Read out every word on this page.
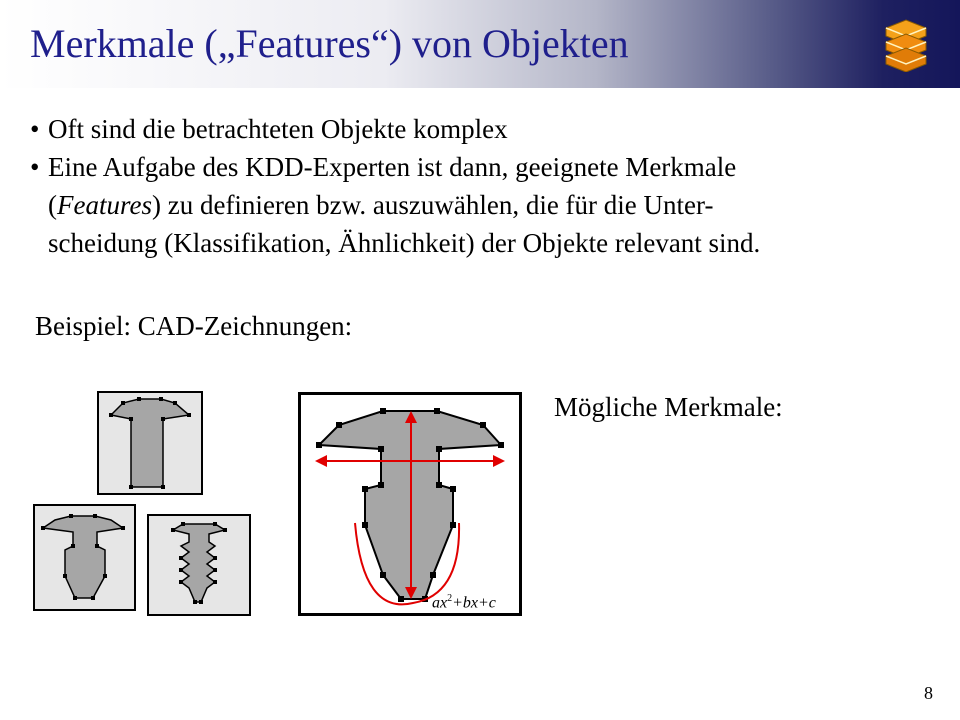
Merkmale („Features“) von Objekten
• Oft sind die betrachteten Objekte komplex
• Eine Aufgabe des KDD-Experten ist dann, geeignete Merkmale
(Features) zu definieren bzw. auszuwählen, die für die Unter-
scheidung (Klassifikation, Ähnlichkeit) der Objekte relevant sind.
Beispiel: CAD-Zeichnungen:
Mögliche Merkmale:
$ax^2+bx+c$
8
